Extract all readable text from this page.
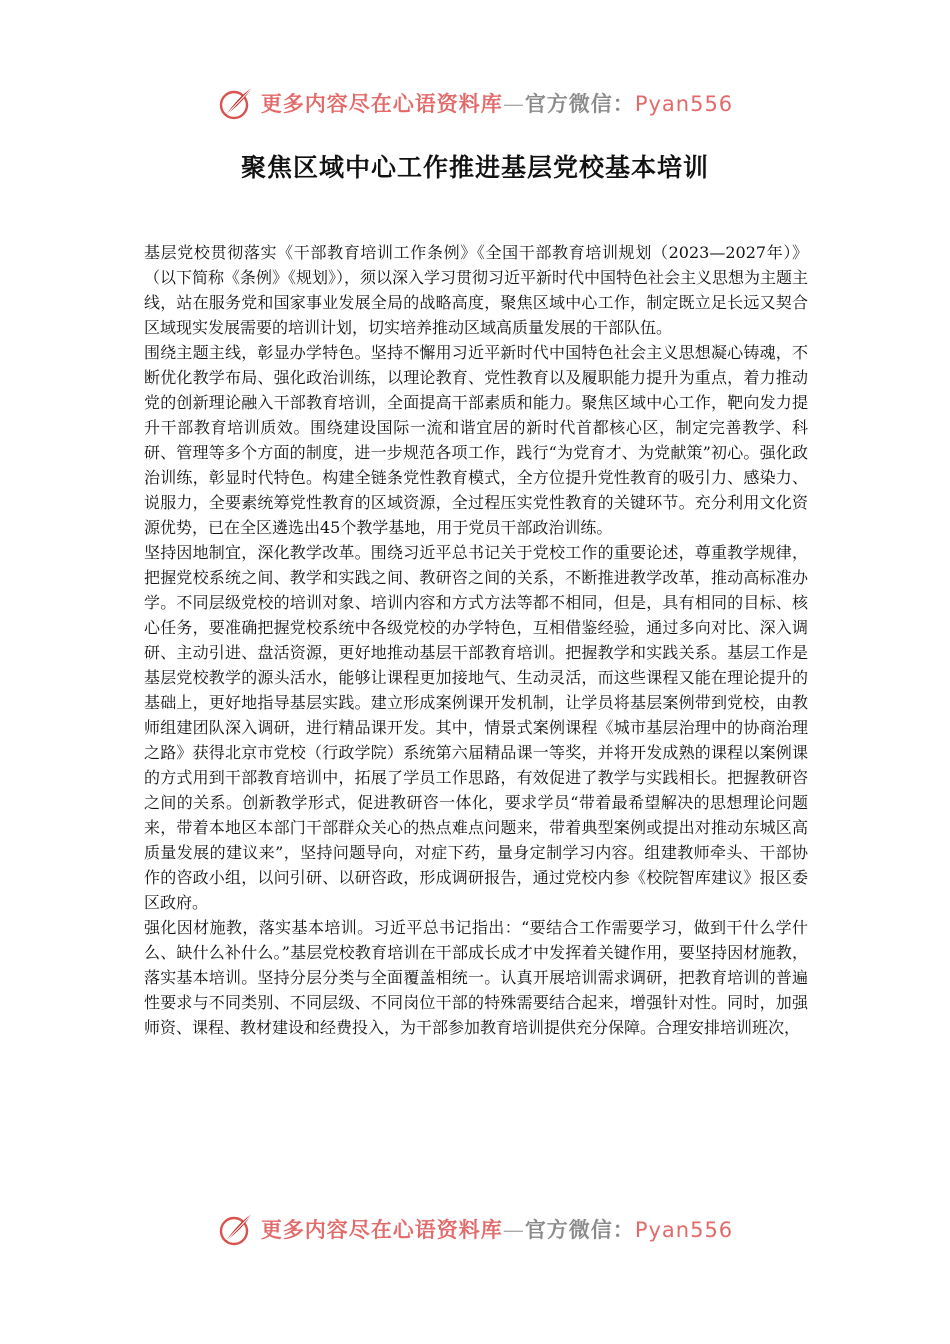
更多内容尽在心语资料库—官方微信：Pyan556
聚焦区域中心工作推进基层党校基本培训

基层党校贯彻落实《干部教育培训工作条例》《全国干部教育培训规划（2023—2027年）》（以下简称《条例》《规划》），须以深入学习贯彻习近平新时代中国特色社会主义思想为主题主线，站在服务党和国家事业发展全局的战略高度，聚焦区域中心工作，制定既立足长远又契合区域现实发展需要的培训计划，切实培养推动区域高质量发展的干部队伍。

围绕主题主线，彰显办学特色。坚持不懈用习近平新时代中国特色社会主义思想凝心铸魂，不断优化教学布局、强化政治训练，以理论教育、党性教育以及履职能力提升为重点，着力推动党的创新理论融入干部教育培训，全面提高干部素质和能力。聚焦区域中心工作，靶向发力提升干部教育培训质效。围绕建设国际一流和谐宜居的新时代首都核心区，制定完善教学、科研、管理等多个方面的制度，进一步规范各项工作，践行“为党育才、为党献策”初心。强化政治训练，彰显时代特色。构建全链条党性教育模式，全方位提升党性教育的吸引力、感染力、说服力，全要素统筹党性教育的区域资源，全过程压实党性教育的关键环节。充分利用文化资源优势，已在全区遴选出45个教学基地，用于党员干部政治训练。

坚持因地制宜，深化教学改革。围绕习近平总书记关于党校工作的重要论述，尊重教学规律，把握党校系统之间、教学和实践之间、教研咨之间的关系，不断推进教学改革，推动高标准办学。不同层级党校的培训对象、培训内容和方式方法等都不相同，但是，具有相同的目标、核心任务，要准确把握党校系统中各级党校的办学特色，互相借鉴经验，通过多向对比、深入调研、主动引进、盘活资源，更好地推动基层干部教育培训。把握教学和实践关系。基层工作是基层党校教学的源头活水，能够让课程更加接地气、生动灵活，而这些课程又能在理论提升的基础上，更好地指导基层实践。建立形成案例课开发机制，让学员将基层案例带到党校，由教师组建团队深入调研，进行精品课开发。其中，情景式案例课程《城市基层治理中的协商治理之路》获得北京市党校（行政学院）系统第六届精品课一等奖，并将开发成熟的课程以案例课的方式用到干部教育培训中，拓展了学员工作思路，有效促进了教学与实践相长。把握教研咨之间的关系。创新教学形式，促进教研咨一体化，要求学员“带着最希望解决的思想理论问题来，带着本地区本部门干部群众关心的热点难点问题来，带着典型案例或提出对推动东城区高质量发展的建议来”，坚持问题导向，对症下药，量身定制学习内容。组建教师牵头、干部协作的咨政小组，以问引研、以研咨政，形成调研报告，通过党校内参《校院智库建议》报区委区政府。

强化因材施教，落实基本培训。习近平总书记指出：“要结合工作需要学习，做到干什么学什么、缺什么补什么。”基层党校教育培训在干部成长成才中发挥着关键作用，要坚持因材施教，落实基本培训。坚持分层分类与全面覆盖相统一。认真开展培训需求调研，把教育培训的普遍性要求与不同类别、不同层级、不同岗位干部的特殊需要结合起来，增强针对性。同时，加强师资、课程、教材建设和经费投入，为干部参加教育培训提供充分保障。合理安排培训班次，

更多内容尽在心语资料库—官方微信：Pyan556
